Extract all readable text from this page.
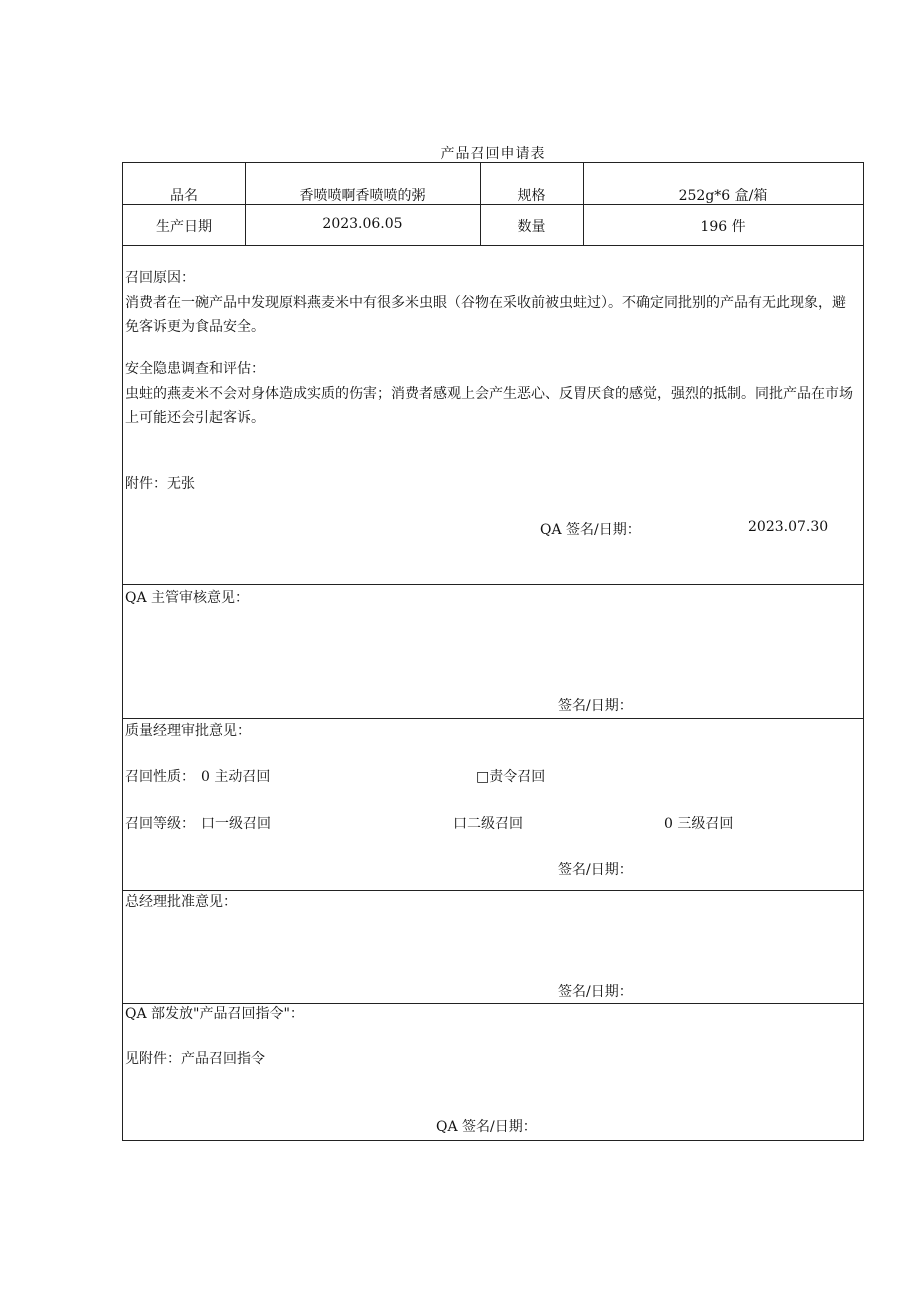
产品召回申请表
品名	香喷喷啊香喷喷的粥	规格	252g*6 盒/箱
生产日期	2023.06.05	数量	196 件
召回原因：
消费者在一碗产品中发现原料燕麦米中有很多米虫眼（谷物在采收前被虫蛀过）。不确定同批别的产品有无此现象，避免客诉更为食品安全。
安全隐患调查和评估：
虫蛀的燕麦米不会对身体造成实质的伤害；消费者感观上会产生恶心、反胃厌食的感觉，强烈的抵制。同批产品在市场上可能还会引起客诉。
附件：无张
QA 签名/日期：	2023.07.30
QA 主管审核意见：
签名/日期：
质量经理审批意见：
召回性质： 0 主动召回	□责令召回
召回等级： 口一级召回	口二级召回	0 三级召回
签名/日期：
总经理批准意见：
签名/日期：
QA 部发放"产品召回指令"：
见附件：产品召回指令
QA 签名/日期：
